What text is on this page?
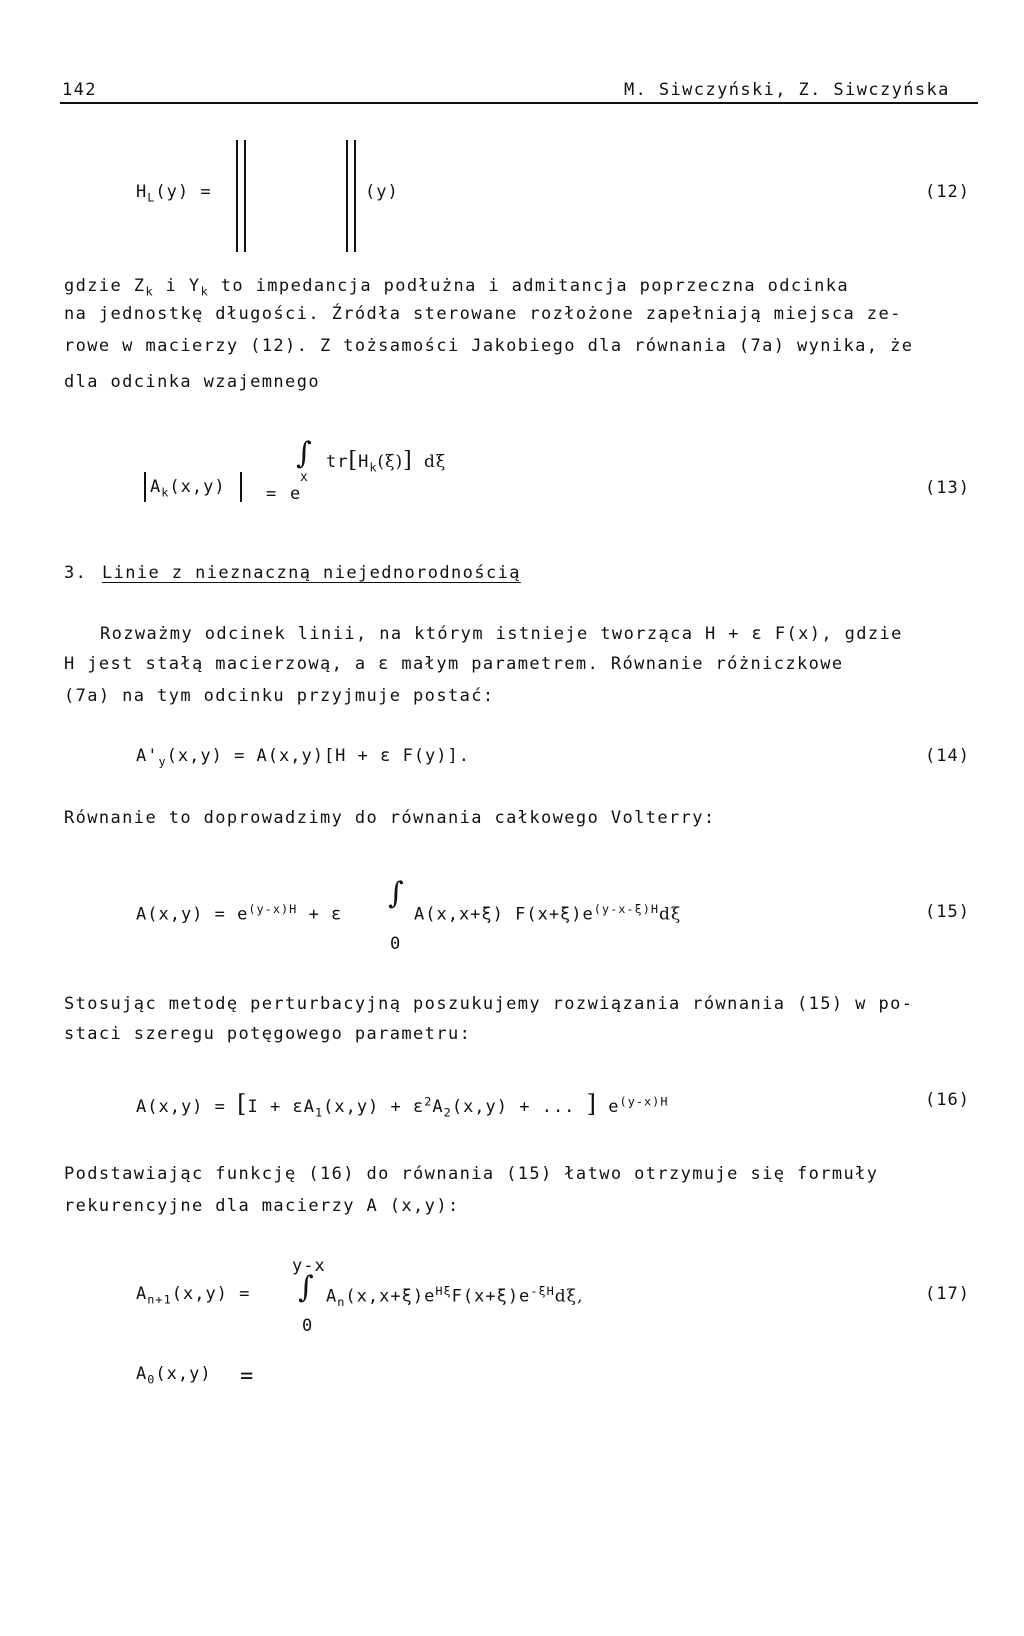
142	M. Siwczyński, Z. Siwczyńska
$H_L(y)$ =	(y)	(12)
gdzie $Z_k$ i $Y_k$ to impedancja podłużna i admitancja poprzeczna odcinka
na jednostkę długości. Źródła sterowane rozłożone zapełniają miejsca ze-
rowe w macierzy (12). Z tożsamości Jakobiego dla równania (7a) wynika, że
dla odcinka wzajemnego
$A_k(x,y) = e$
∫
x
$tr[H_k(\xi)]$ dξ
(13)
3. Linie z nieznaczną niejednorodnością
Rozważmy odcinek linii, na którym istnieje tworząca H + ε F(x), gdzie
H jest stałą macierzową, a ε małym parametrem. Równanie różniczkowe
(7a) na tym odcinku przyjmuje postać:
$A'_y(x,y) = A(x,y)[H + \varepsilon$ F(y)].	(14)
Równanie to doprowadzimy do równania całkowego Volterry:
$A(x,y) = e^{(y-x)H} + \varepsilon$
∫
A(x,x+ξ) $F(x+\xi)e^{(y-x-\xi)H}d\xi$
0
(15)
Stosując metodę perturbacyjną poszukujemy rozwiązania równania (15) w po-
staci szeregu potęgowego parametru:
$A(x,y) = [I + \varepsilon A_1(x,y) + \varepsilon^2A_2(x,y)$ + ... ] $e^{(y-x)H}$	(16)
Podstawiając funkcję (16) do równania (15) łatwo otrzymuje się formuły
rekurencyjne dla macierzy A (x,y):
$A_{n+1}(x,y)$ =
y-x
∫
0
$A_n(x,x+\xi)e^{H\xi}F(x+\xi)e^{-\xi H}d\xi$,	(17)
$A_0(x,y)$ =
